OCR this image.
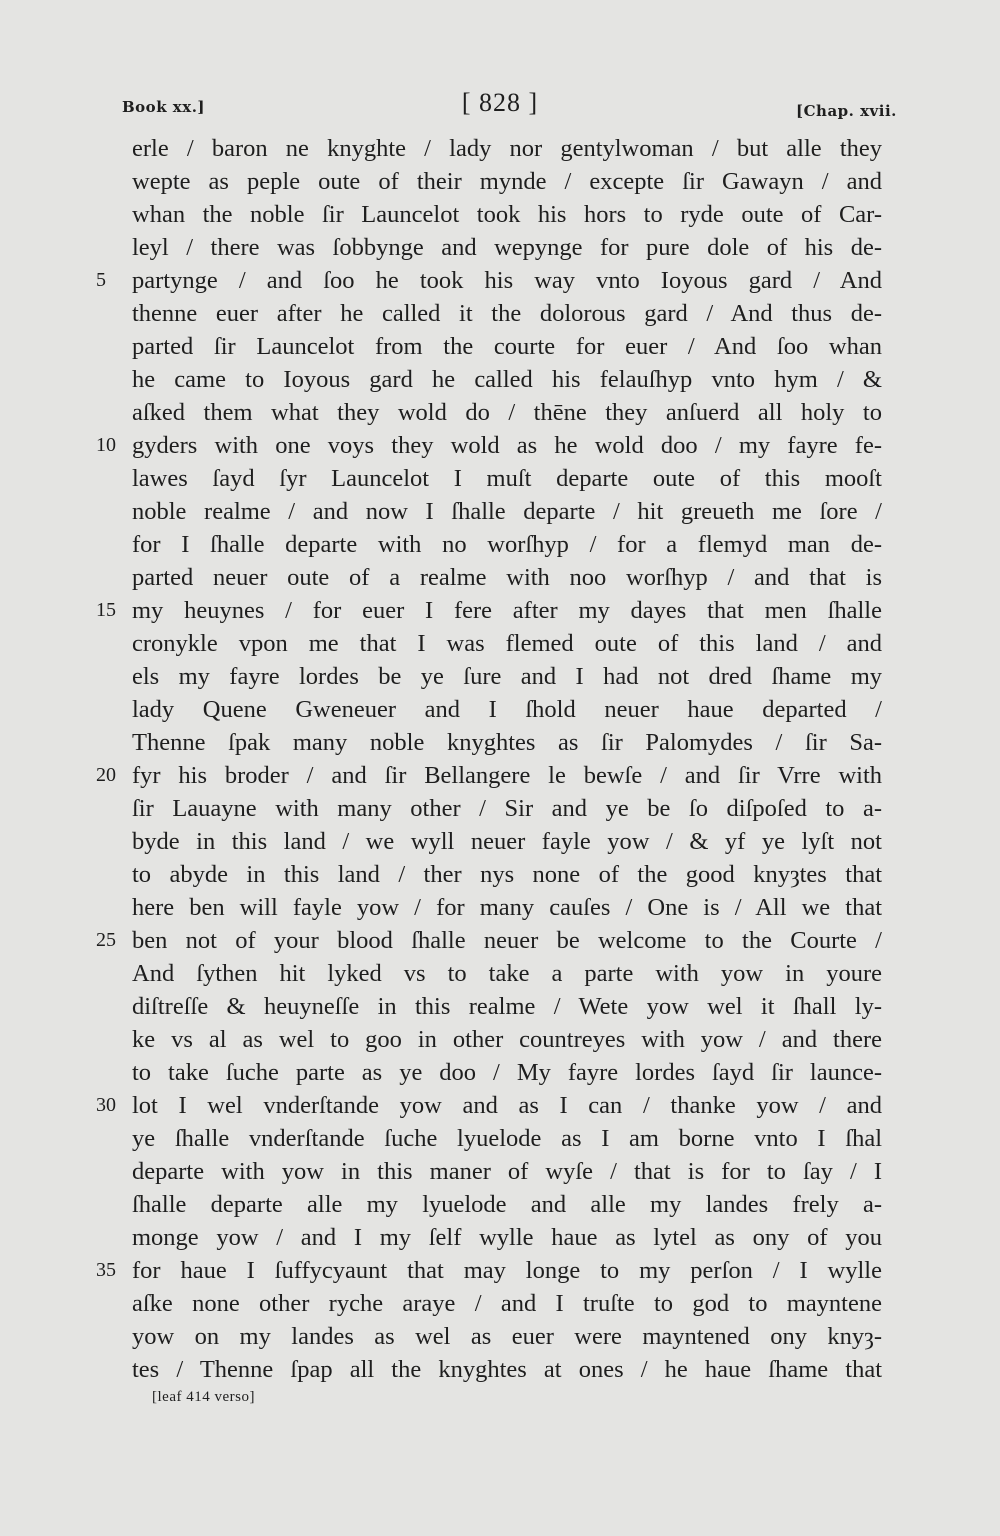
Book xx.]	[ 828 ]	[Chap. xvii.
erle / baron ne knyghte / lady nor gentylwoman / but alle they
wepte as peple oute of their mynde / excepte ſir Gawayn / and
whan the noble ſir Launcelot took his hors to ryde oute of Car-
leyl / there was ſobbynge and wepynge for pure dole of his de-
partynge / and ſoo he took his way vnto Ioyous gard / And
5
thenne euer after he called it the dolorous gard / And thus de-
parted ſir Launcelot from the courte for euer / And ſoo whan
he came to Ioyous gard he called his felauſhyp vnto hym / &
aſked them what they wold do / thēne they anſuerd all holy to
gyders with one voys they wold as he wold doo / my fayre fe-
10
lawes ſayd ſyr Launcelot I muſt departe oute of this mooſt
noble realme / and now I ſhalle departe / hit greueth me ſore /
for I ſhalle departe with no worſhyp / for a flemyd man de-
parted neuer oute of a realme with noo worſhyp / and that is
my heuynes / for euer I fere after my dayes that men ſhalle
15
cronykle vpon me that I was flemed oute of this land / and
els my fayre lordes be ye ſure and I had not dred ſhame my
lady Quene Gweneuer and I ſhold neuer haue departed /
Thenne ſpak many noble knyghtes as ſir Palomydes / ſir Sa-
fyr his broder / and ſir Bellangere le bewſe / and ſir Vrre with
20
ſir Lauayne with many other / Sir and ye be ſo diſpoſed to a-
byde in this land / we wyll neuer fayle yow / & yf ye lyſt not
to abyde in this land / ther nys none of the good knyȝtes that
here ben will fayle yow / for many cauſes / One is / All we that
ben not of your blood ſhalle neuer be welcome to the Courte /
25
And ſythen hit lyked vs to take a parte with yow in youre
diſtreſſe & heuyneſſe in this realme / Wete yow wel it ſhall ly-
ke vs al as wel to goo in other countreyes with yow / and there
to take ſuche parte as ye doo / My fayre lordes ſayd ſir launce-
lot I wel vnderſtande yow and as I can / thanke yow / and
30
ye ſhalle vnderſtande ſuche lyuelode as I am borne vnto I ſhal
departe with yow in this maner of wyſe / that is for to ſay / I
ſhalle departe alle my lyuelode and alle my landes frely a-
monge yow / and I my ſelf wylle haue as lytel as ony of you
for haue I ſuffycyaunt that may longe to my perſon / I wylle
35
aſke none other ryche araye / and I truſte to god to mayntene
yow on my landes as wel as euer were mayntened ony knyȝ-
tes / Thenne ſpap all the knyghtes at ones / he haue ſhame that
[leaf 414 verso]
